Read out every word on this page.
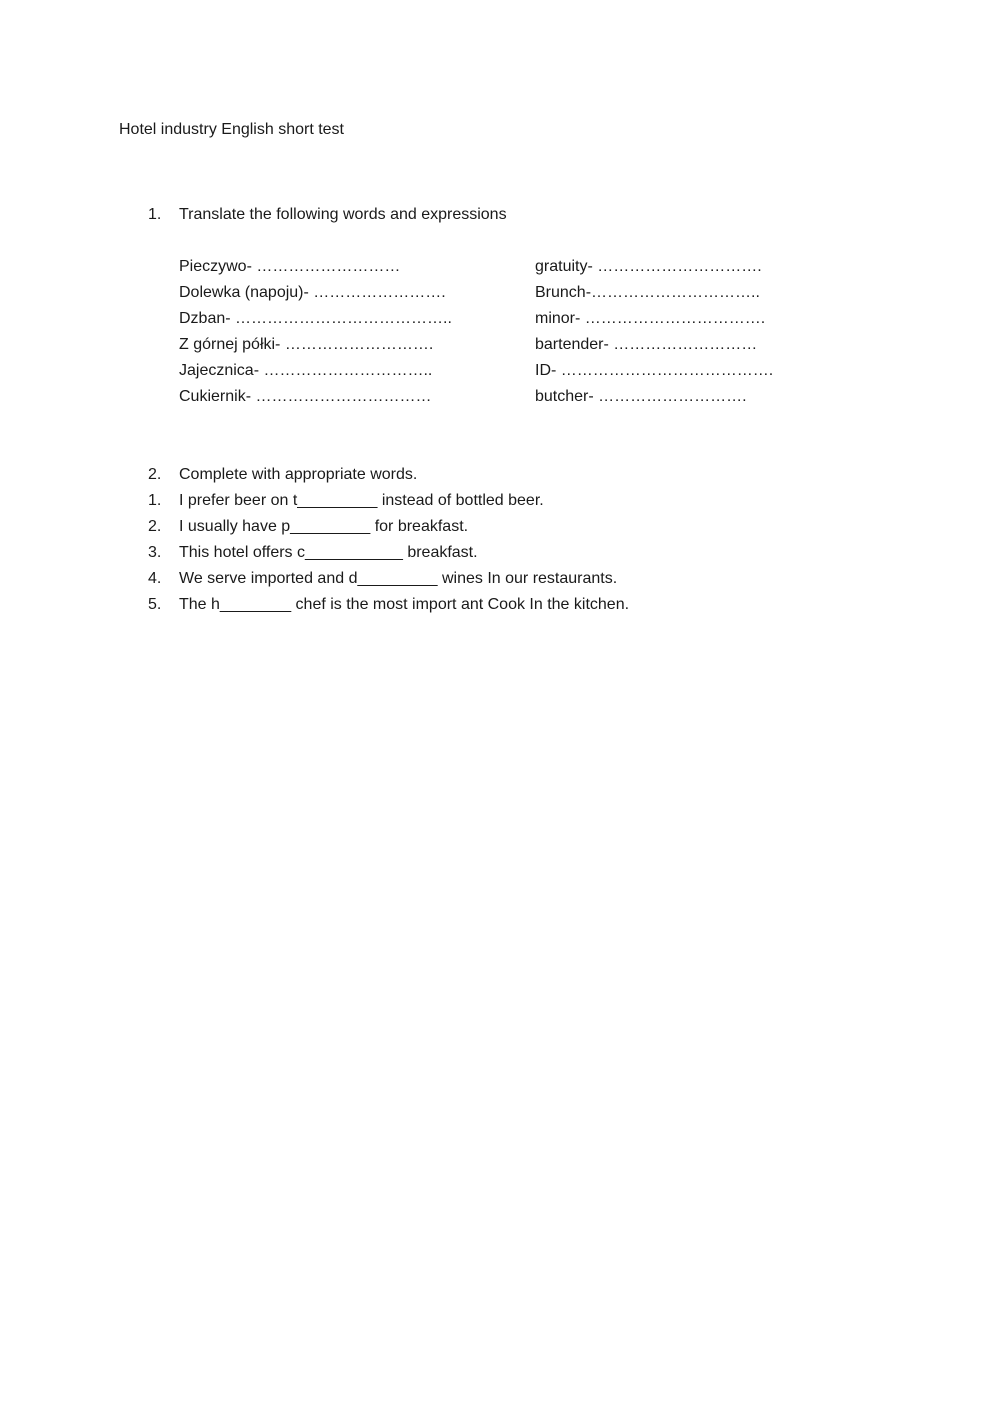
Hotel industry English short test
1. Translate the following words and expressions
Pieczywo- ………………………
Dolewka (napoju)- …………………….
Dzban- …………………………………..
Z górnej półki- ……………………….
Jajecznica- …………………………..
Cukiernik- ……………………………
gratuity- ………………………….
Brunch-…………………………..
minor- …………………………….
bartender- ………………………
ID- ………………………………….
butcher- ……………………….
2. Complete with appropriate words.
1. I prefer beer on t_________ instead of bottled beer.
2. I usually have p_________ for breakfast.
3. This hotel offers c___________ breakfast.
4. We serve imported and d_________ wines In our restaurants.
5. The h________ chef is the most import ant Cook In the kitchen.
